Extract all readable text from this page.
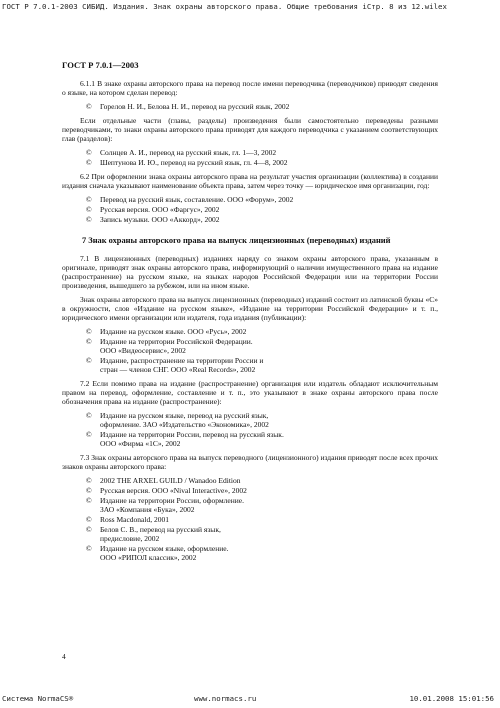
ГОСТ Р 7.0.1-2003 СИБИД. Издания. Знак охраны авторского права. Общие требования iСтр. 8 из 12.wilex
ГОСТ Р 7.0.1—2003

6.1.1 В знаке охраны авторского права на перевод после имени переводчика (переводчиков) приводят сведения о языке, на котором сделан перевод:

©	Горелов Н. И., Белова Н. И., перевод на русский язык, 2002

Если отдельные части (главы, разделы) произведения были самостоятельно переведены разными переводчиками, то знаки охраны авторского права приводят для каждого переводчика с указанием соответствующих глав (разделов):

©	Солнцев А. И., перевод на русский язык, гл. 1—3, 2002
©	Шептунова И. Ю., перевод на русский язык, гл. 4—8, 2002

6.2 При оформлении знака охраны авторского права на результат участия организации (коллектива) в создании издания сначала указывают наименование объекта права, затем через точку — юридическое имя организации, год:

©	Перевод на русский язык, составление. ООО «Форум», 2002
©	Русская версия. ООО «Фаргус», 2002
©	Запись музыки. ООО «Аккорд», 2002
7 Знак охраны авторского права на выпуск лицензионных (переводных) изданий

7.1 В лицензионных (переводных) изданиях наряду со знаком охраны авторского права, указанным в оригинале, приводят знак охраны авторского права, информирующий о наличии имущественного права на издание (распространение) на русском языке, на языках народов Российской Федерации или на территории России произведения, вышедшего за рубежом, или на ином языке.

Знак охраны авторского права на выпуск лицензионных (переводных) изданий состоит из латинской буквы «С» в окружности, слов «Издание на русском языке», «Издание на территории Российской Федерации» и т. п., юридического имени организации или издателя, года издания (публикации):

©	Издание на русском языке. ООО «Русь», 2002
©	Издание на территории Российской Федерации.
ООО «Видеосервис», 2002
©	Издание, распространение на территории России и
стран — членов СНГ. ООО «Real Records», 2002

7.2 Если помимо права на издание (распространение) организация или издатель обладают исключительным правом на перевод, оформление, составление и т. п., это указывают в знаке охраны авторского права после обозначения права на издание (распространение):

©	Издание на русском языке, перевод на русский язык,
оформление. ЗАО «Издательство «Экономика», 2002
©	Издание на территории России, перевод на русский язык.
ООО «Фирма «1С», 2002

7.3 Знак охраны авторского права на выпуск переводного (лицензионного) издания приводят после всех прочих знаков охраны авторского права:

©	2002 THE ARXEL GUILD / Wanadoo Edition
©	Русская версия. ООО «Nival Interactive», 2002
©	Издание на территории России, оформление.
ЗАО «Компания «Бука», 2002
©	Ross Macdonald, 2001
©	Белов С. В., перевод на русский язык,
предисловие, 2002
©	Издание на русском языке, оформление.
ООО «РИПОЛ классик», 2002
4
Система NormaCS®	www.normacs.ru	10.01.2008 15:01:56
